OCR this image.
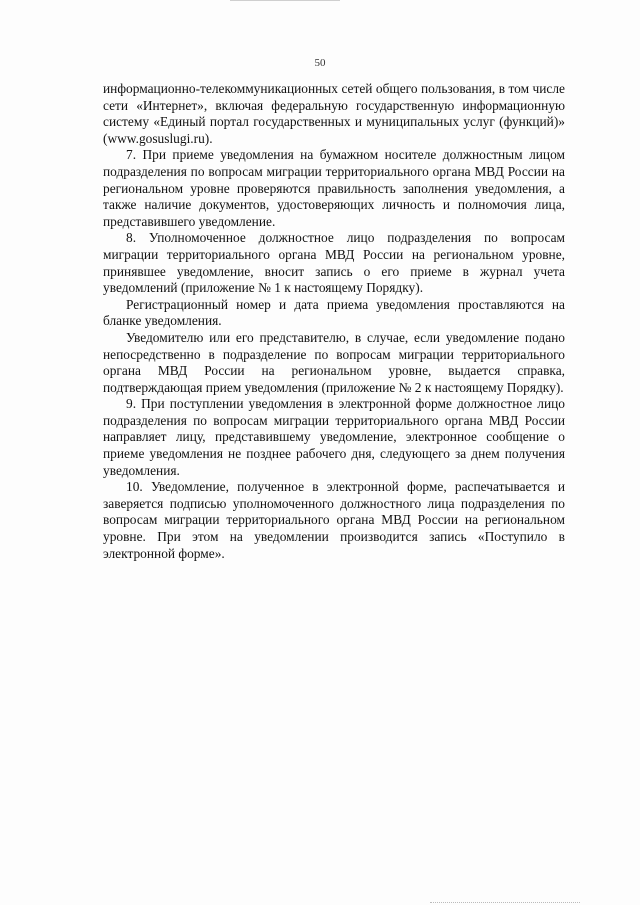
50

информационно-телекоммуникационных сетей общего пользования, в том числе сети «Интернет», включая федеральную государственную информационную систему «Единый портал государственных и муниципальных услуг (функций)» (www.gosuslugi.ru).

7. При приеме уведомления на бумажном носителе должностным лицом подразделения по вопросам миграции территориального органа МВД России на региональном уровне проверяются правильность заполнения уведомления, а также наличие документов, удостоверяющих личность и полномочия лица, представившего уведомление.

8. Уполномоченное должностное лицо подразделения по вопросам миграции территориального органа МВД России на региональном уровне, принявшее уведомление, вносит запись о его приеме в журнал учета уведомлений (приложение № 1 к настоящему Порядку).

Регистрационный номер и дата приема уведомления проставляются на бланке уведомления.

Уведомителю или его представителю, в случае, если уведомление подано непосредственно в подразделение по вопросам миграции территориального органа МВД России на региональном уровне, выдается справка, подтверждающая прием уведомления (приложение № 2 к настоящему Порядку).

9. При поступлении уведомления в электронной форме должностное лицо подразделения по вопросам миграции территориального органа МВД России направляет лицу, представившему уведомление, электронное сообщение о приеме уведомления не позднее рабочего дня, следующего за днем получения уведомления.

10. Уведомление, полученное в электронной форме, распечатывается и заверяется подписью уполномоченного должностного лица подразделения по вопросам миграции территориального органа МВД России на региональном уровне. При этом на уведомлении производится запись «Поступило в электронной форме».
